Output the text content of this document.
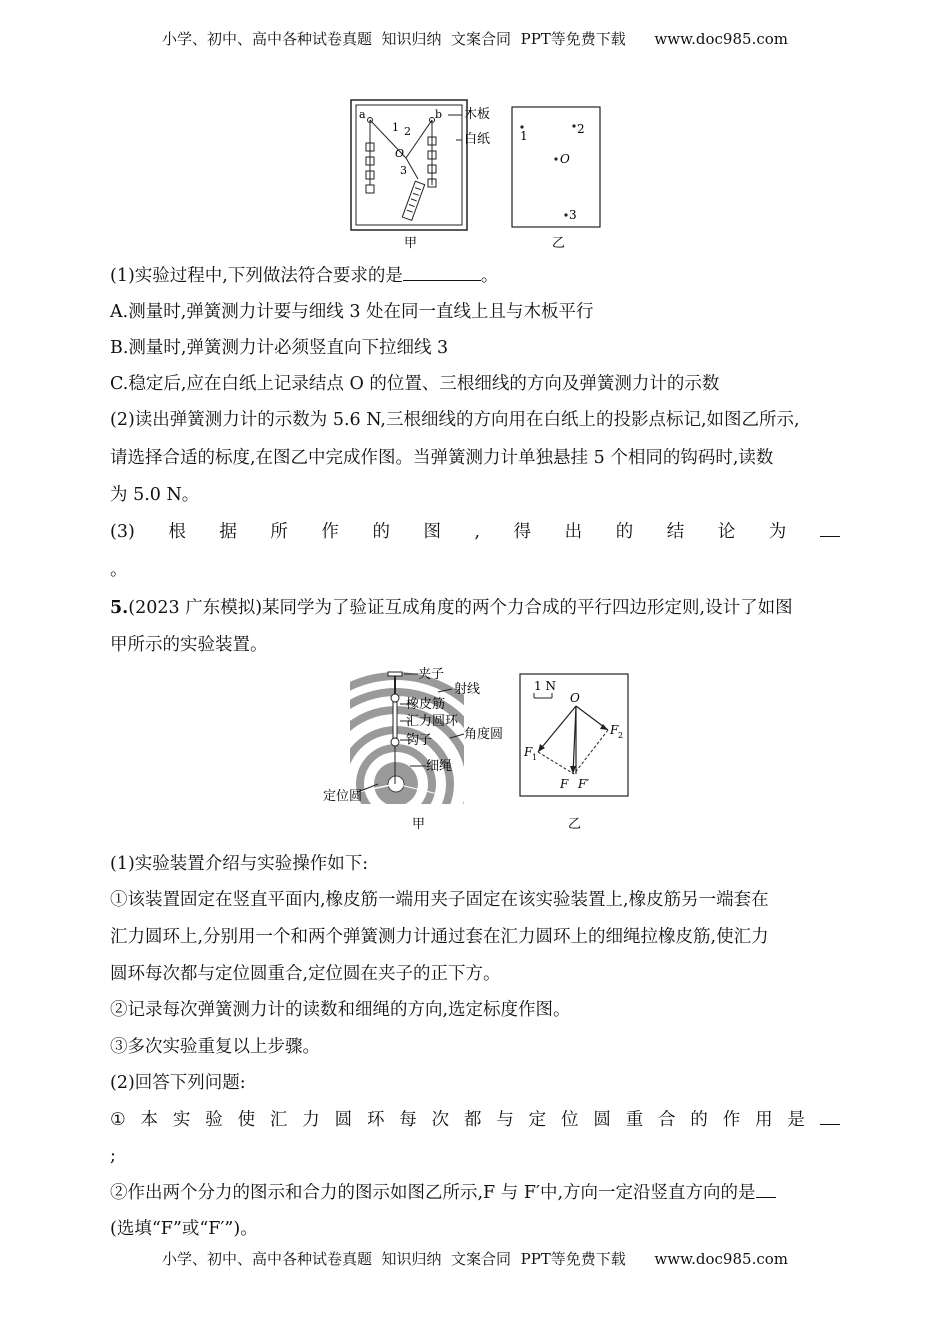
小学、初中、高中各种试卷真题  知识归纳  文案合同  PPT等免费下载      www.doc985.com
a	b
1 2
O
3
木板
白纸 1	2
O
3
甲	乙
(1)实验过程中,下列做法符合要求的是	。
A.测量时,弹簧测力计要与细线 3 处在同一直线上且与木板平行
B.测量时,弹簧测力计必须竖直向下拉细线 3
C.稳定后,应在白纸上记录结点 O 的位置、三根细线的方向及弹簧测力计的示数
(2)读出弹簧测力计的示数为 5.6 N,三根细线的方向用在白纸上的投影点标记,如图乙所示,
请选择合适的标度,在图乙中完成作图。当弹簧测力计单独悬挂 5 个相同的钩码时,读数
为 5.0 N。
(3) 根 据 所 作 的 图 , 得 出 的 结 论 为
。
5.(2023 广东模拟)某同学为了验证互成角度的两个力合成的平行四边形定则,设计了如图
甲所示的实验装置。
夹子
射线
橡皮筋
汇力圆环
钩子 角度圆
细绳
定位圆
1 N
O
F 1
F 2
F F′
甲	乙
(1)实验装置介绍与实验操作如下:
①该装置固定在竖直平面内,橡皮筋一端用夹子固定在该实验装置上,橡皮筋另一端套在
汇力圆环上,分别用一个和两个弹簧测力计通过套在汇力圆环上的细绳拉橡皮筋,使汇力
圆环每次都与定位圆重合,定位圆在夹子的正下方。
②记录每次弹簧测力计的读数和细绳的方向,选定标度作图。
③多次实验重复以上步骤。
(2)回答下列问题:
① 本 实 验 使 汇 力 圆 环 每 次 都 与 定 位 圆 重 合 的 作 用 是
;
②作出两个分力的图示和合力的图示如图乙所示,F 与 F′中,方向一定沿竖直方向的是
(选填“F”或“F′”)。
小学、初中、高中各种试卷真题  知识归纳  文案合同  PPT等免费下载      www.doc985.com
